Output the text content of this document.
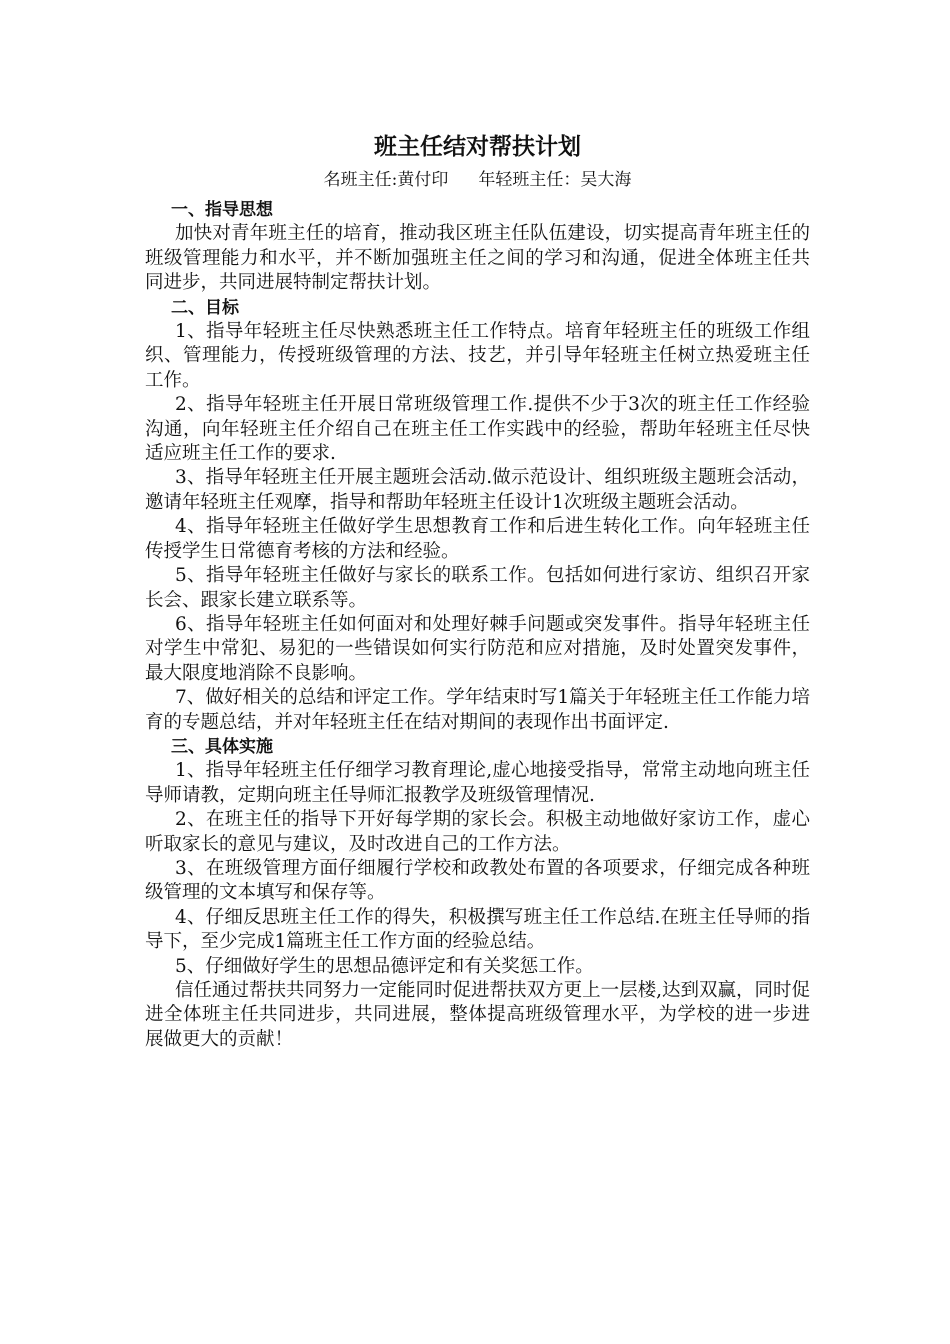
班主任结对帮扶计划
名班主任:黄付印 年轻班主任：吴大海
一、指导思想
加快对青年班主任的培育，推动我区班主任队伍建设，切实提高青年班主任的班级管理能力和水平，并不断加强班主任之间的学习和沟通，促进全体班主任共同进步，共同进展特制定帮扶计划。
二、目标
1、指导年轻班主任尽快熟悉班主任工作特点。培育年轻班主任的班级工作组织、管理能力，传授班级管理的方法、技艺，并引导年轻班主任树立热爱班主任工作。
2、指导年轻班主任开展日常班级管理工作.提供不少于3次的班主任工作经验沟通，向年轻班主任介绍自己在班主任工作实践中的经验，帮助年轻班主任尽快适应班主任工作的要求.
3、指导年轻班主任开展主题班会活动.做示范设计、组织班级主题班会活动，邀请年轻班主任观摩，指导和帮助年轻班主任设计1次班级主题班会活动。
4、指导年轻班主任做好学生思想教育工作和后进生转化工作。向年轻班主任传授学生日常德育考核的方法和经验。
5、指导年轻班主任做好与家长的联系工作。包括如何进行家访、组织召开家长会、跟家长建立联系等。
6、指导年轻班主任如何面对和处理好棘手问题或突发事件。指导年轻班主任对学生中常犯、易犯的一些错误如何实行防范和应对措施，及时处置突发事件，最大限度地消除不良影响。
7、做好相关的总结和评定工作。学年结束时写1篇关于年轻班主任工作能力培育的专题总结，并对年轻班主任在结对期间的表现作出书面评定.
三、具体实施
1、指导年轻班主任仔细学习教育理论,虚心地接受指导，常常主动地向班主任导师请教，定期向班主任导师汇报教学及班级管理情况.
2、在班主任的指导下开好每学期的家长会。积极主动地做好家访工作，虚心听取家长的意见与建议，及时改进自己的工作方法。
3、在班级管理方面仔细履行学校和政教处布置的各项要求，仔细完成各种班级管理的文本填写和保存等。
4、仔细反思班主任工作的得失，积极撰写班主任工作总结.在班主任导师的指导下，至少完成1篇班主任工作方面的经验总结。
5、仔细做好学生的思想品德评定和有关奖惩工作。
信任通过帮扶共同努力一定能同时促进帮扶双方更上一层楼,达到双赢，同时促进全体班主任共同进步，共同进展，整体提高班级管理水平，为学校的进一步进展做更大的贡献！
